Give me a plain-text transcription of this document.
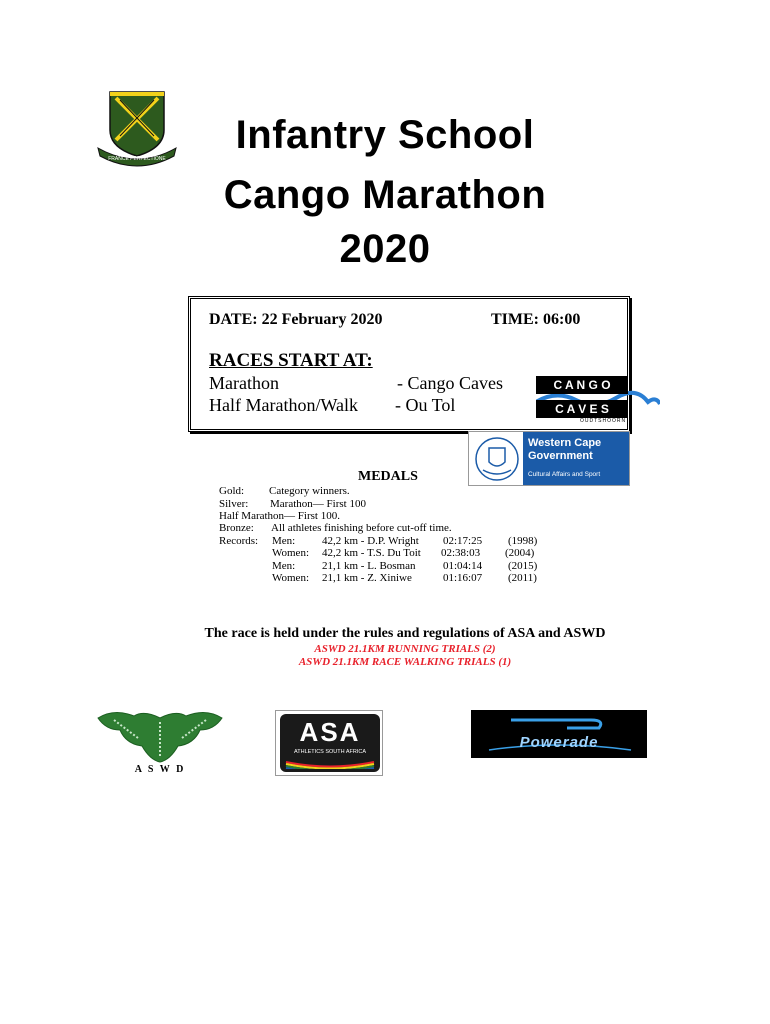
FRANCE PERFECTIONE
Infantry School
Cango Marathon
2020
DATE: 22 February 2020	TIME: 06:00
RACES START AT:
Marathon	- Cango Caves
Half Marathon/Walk - Ou Tol
C A N G O
C A V E S
OUDTSHOORN
Western Cape
Government
Cultural Affairs and Sport
MEDALS
Gold: Category winners.
Silver: Marathon— First 100
Half Marathon— First 100.
Bronze: All athletes finishing before cut-off time.
Records: Men: 42,2 km - D.P. Wright 02:17:25 (1998)
Women: 42,2 km - T.S. Du Toit 02:38:03 (2004)
Men: 21,1 km - L. Bosman	01:04:14 (2015)
Women: 21,1 km - Z. Xiniwe	01:16:07 (2011)
The race is held under the rules and regulations of ASA and ASWD
ASWD 21.1KM RUNNING TRIALS (2)
ASWD 21.1KM RACE WALKING TRIALS (1)
A S W D
ASA
ATHLETICS SOUTH AFRICA
Powerade
